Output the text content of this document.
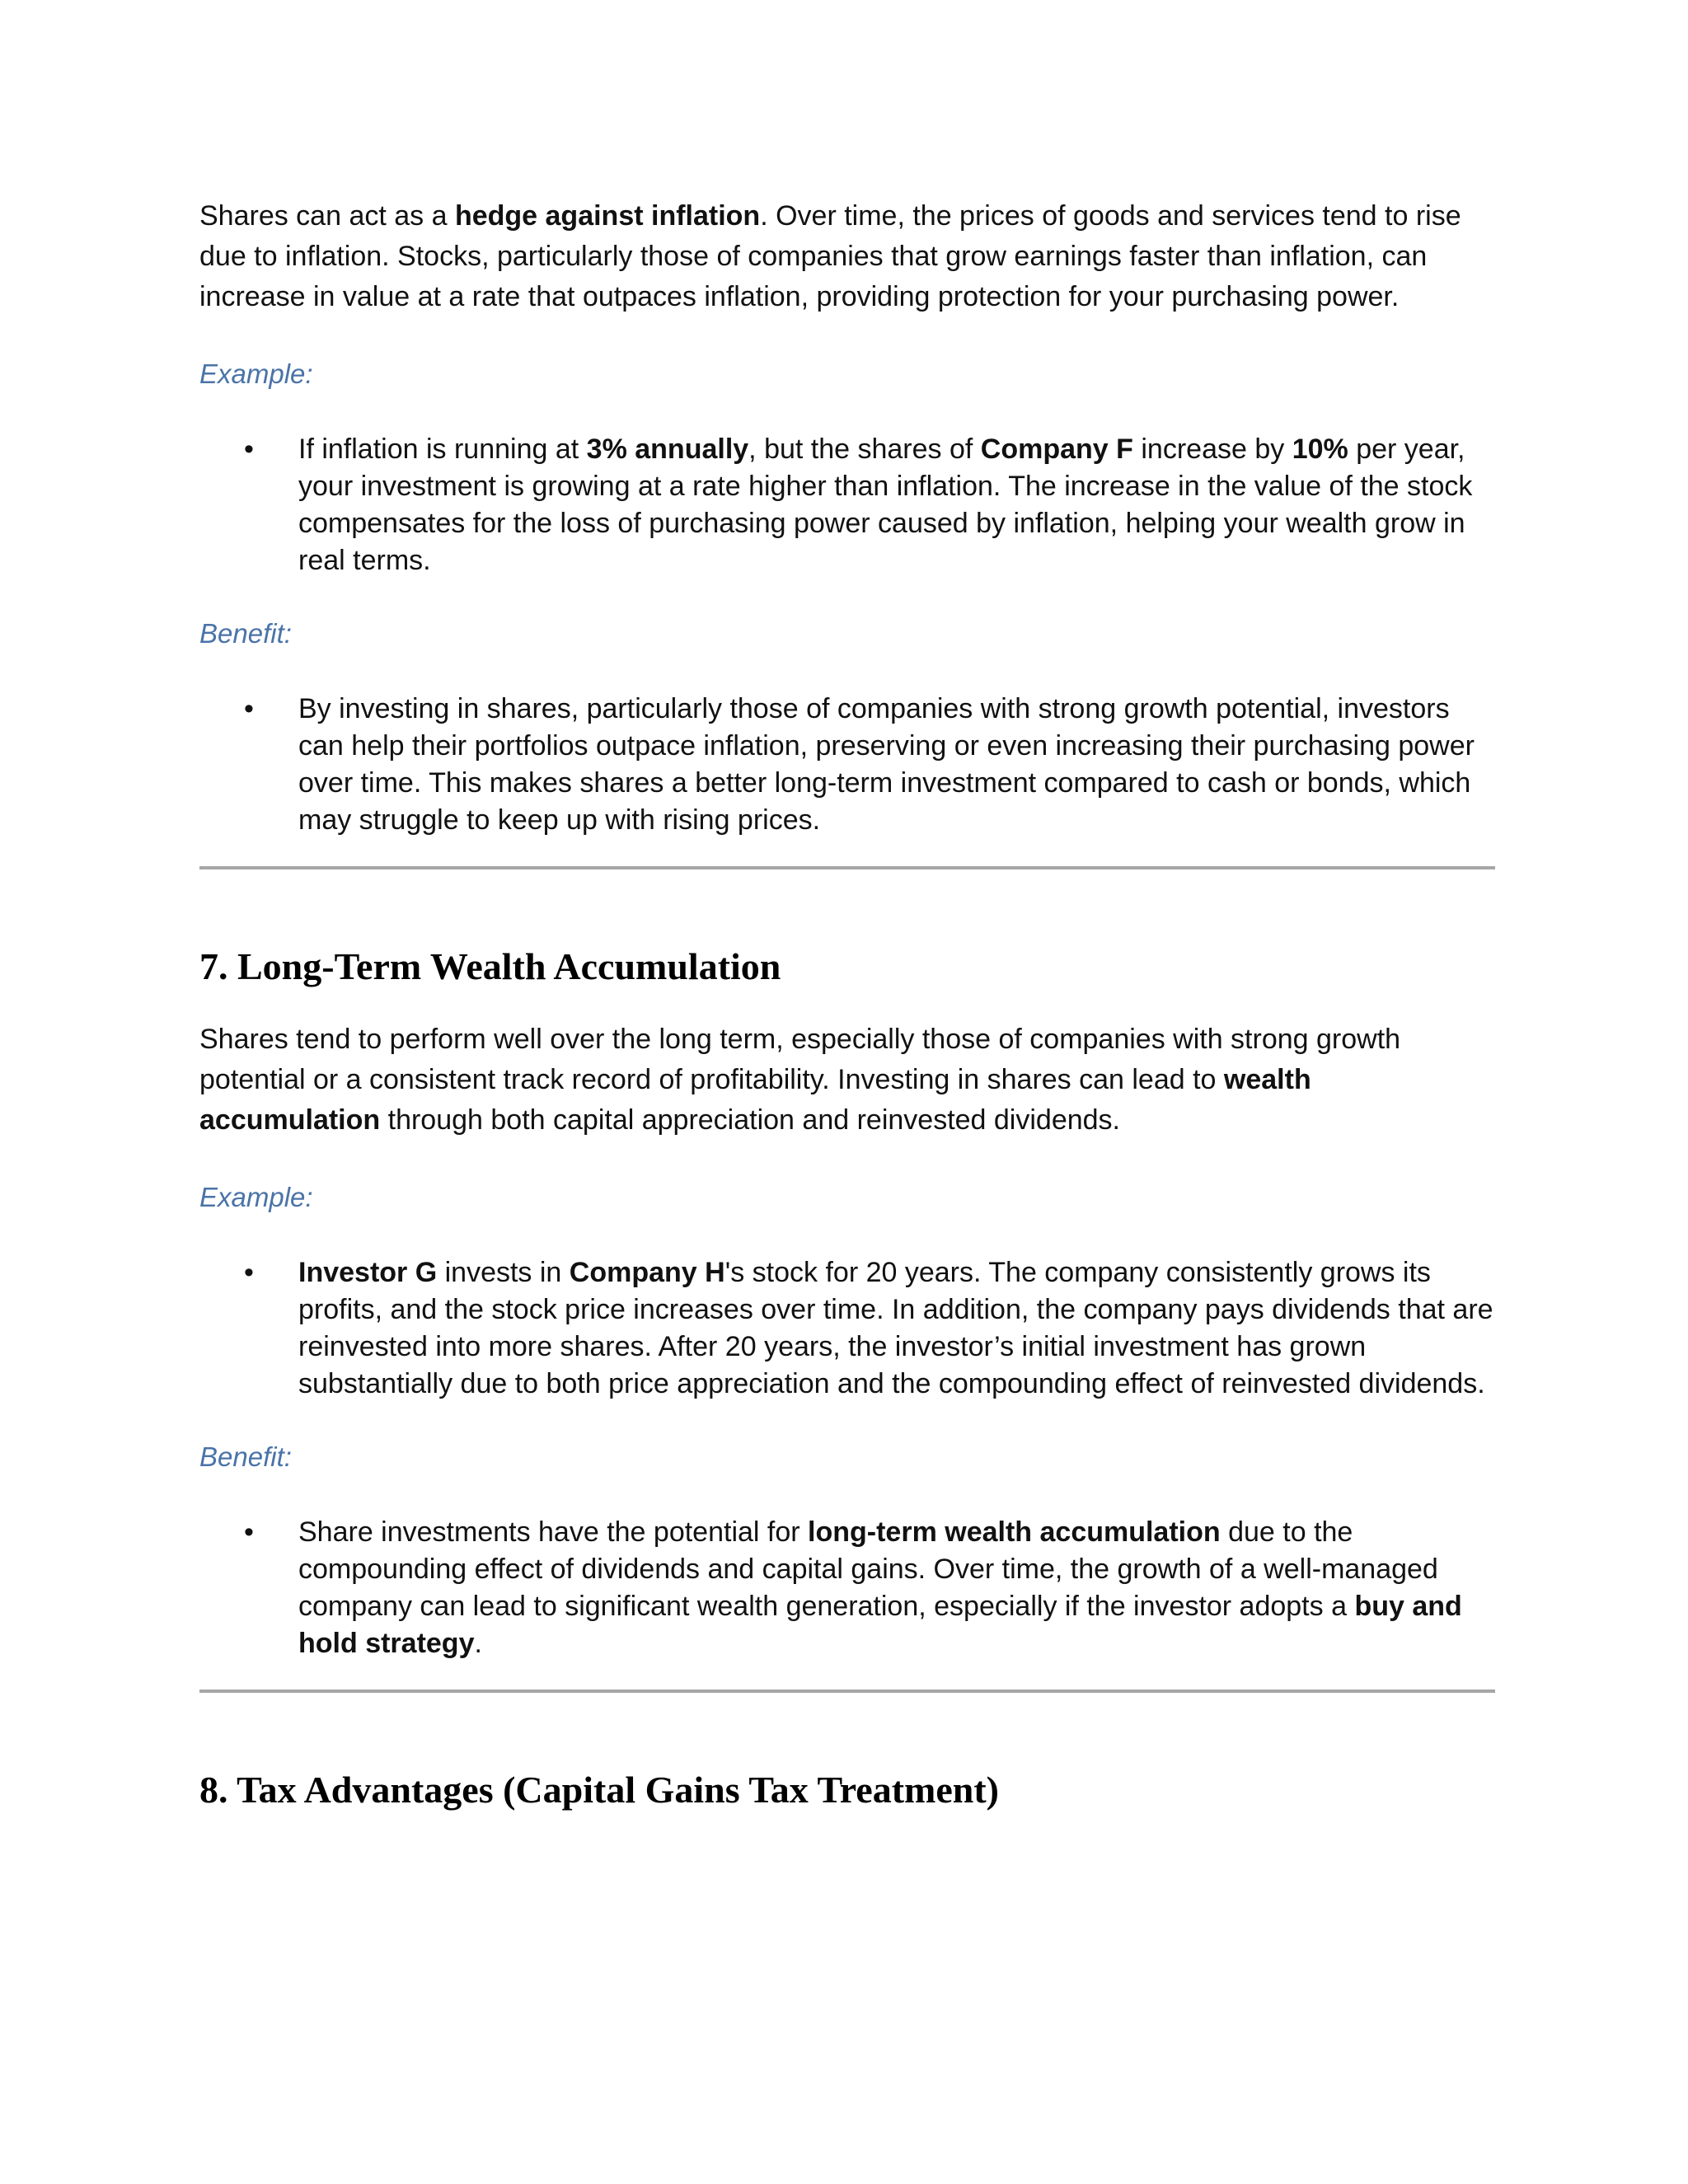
Shares can act as a hedge against inflation. Over time, the prices of goods and services tend to rise due to inflation. Stocks, particularly those of companies that grow earnings faster than inflation, can increase in value at a rate that outpaces inflation, providing protection for your purchasing power.

Example:

• If inflation is running at 3% annually, but the shares of Company F increase by 10% per year, your investment is growing at a rate higher than inflation. The increase in the value of the stock compensates for the loss of purchasing power caused by inflation, helping your wealth grow in real terms.

Benefit:

• By investing in shares, particularly those of companies with strong growth potential, investors can help their portfolios outpace inflation, preserving or even increasing their purchasing power over time. This makes shares a better long-term investment compared to cash or bonds, which may struggle to keep up with rising prices.
7. Long-Term Wealth Accumulation

Shares tend to perform well over the long term, especially those of companies with strong growth potential or a consistent track record of profitability. Investing in shares can lead to wealth accumulation through both capital appreciation and reinvested dividends.

Example:

• Investor G invests in Company H's stock for 20 years. The company consistently grows its profits, and the stock price increases over time. In addition, the company pays dividends that are reinvested into more shares. After 20 years, the investor’s initial investment has grown substantially due to both price appreciation and the compounding effect of reinvested dividends.

Benefit:

• Share investments have the potential for long-term wealth accumulation due to the compounding effect of dividends and capital gains. Over time, the growth of a well-managed company can lead to significant wealth generation, especially if the investor adopts a buy and hold strategy.
8. Tax Advantages (Capital Gains Tax Treatment)
